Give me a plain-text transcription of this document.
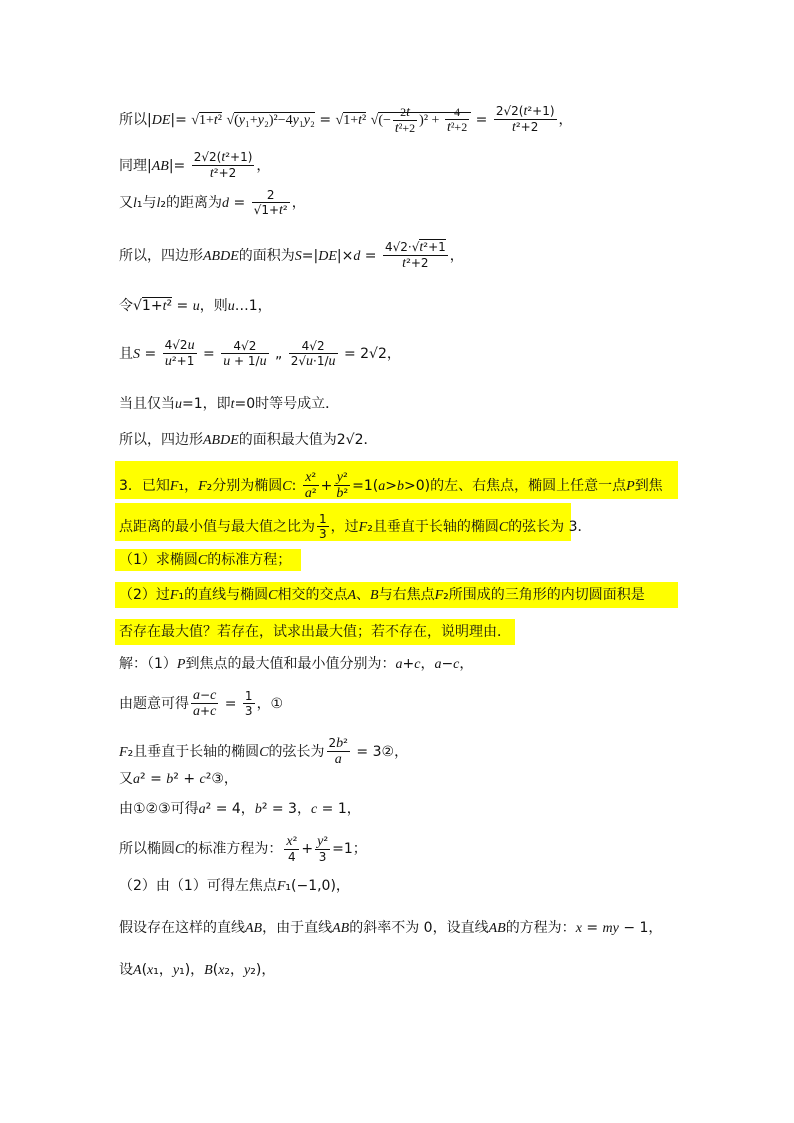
所以|DE|= √1+t² √(y₁+y₂)²−4y₁y₂ = √1+t² √(− $\frac{2t}{\text{t²+2}} )^2 + \frac{4}{\text{t²+2}} = \frac{\text{2√2(t²+1)}}{\text{t²+2}}$ ，
同理$|AB|= \frac{\text{2√2(t²+1)}}{\text{t²+2}}$ ，
又l₁与l₂的距离为$d = \frac{2}{\text{√1+t²}}$ ，
所以，四边形ABDE的面积为$S=|DE|\times d = \frac{\text{4√2·√t²+1}}{\text{t²+2}}$ ，
令√1+t² = u，则u…1，
且$S = \frac{4√2u}{\text{u²+1}} = \frac{4√2}{u + 1/u}$ „ $\frac{4√2}{2√u\cdot 1/u} = 2√2$，
当且仅当u=1，即t=0时等号成立．
所以，四边形ABDE的面积最大值为2√2．
3．已知F₁，F₂分别为椭圆C: $\frac{\text{x²}}{\text{a²}} + \frac{\text{y²}}{\text{b²}} =1(a>b>0)$的左、右焦点，椭圆上任意一点P到焦
点距离的最小值与最大值之比为 $\frac{1}{3}$ ，过F₂且垂直于长轴的椭圆C的弦长为 3．
（1）求椭圆C的标准方程；
（2）过F₁的直线与椭圆C相交的交点A、B与右焦点F₂所围成的三角形的内切圆面积是
否存在最大值？若存在，试求出最大值；若不存在，说明理由．
解：（1）P到焦点的最大值和最小值分别为：a+c，a−c，
由题意可得 $\frac{a-c}{a+c} = \frac{1}{3}$ ，①
F₂且垂直于长轴的椭圆C的弦长为 $\frac{\text{2b²}}{a}$ = 3②，
又a² = b² + c²③，
由①②③可得a² = 4，b² = 3，c = 1，
所以椭圆C的标准方程为： $\frac{\text{x²}}{4} + \frac{\text{y²}}{3} =1$；
（2）由（1）可得左焦点F₁(−1,0)，
假设存在这样的直线AB，由于直线AB的斜率不为 0，设直线AB的方程为：x = my − 1，
设A(x₁，y₁)，B(x₂，y₂)，
